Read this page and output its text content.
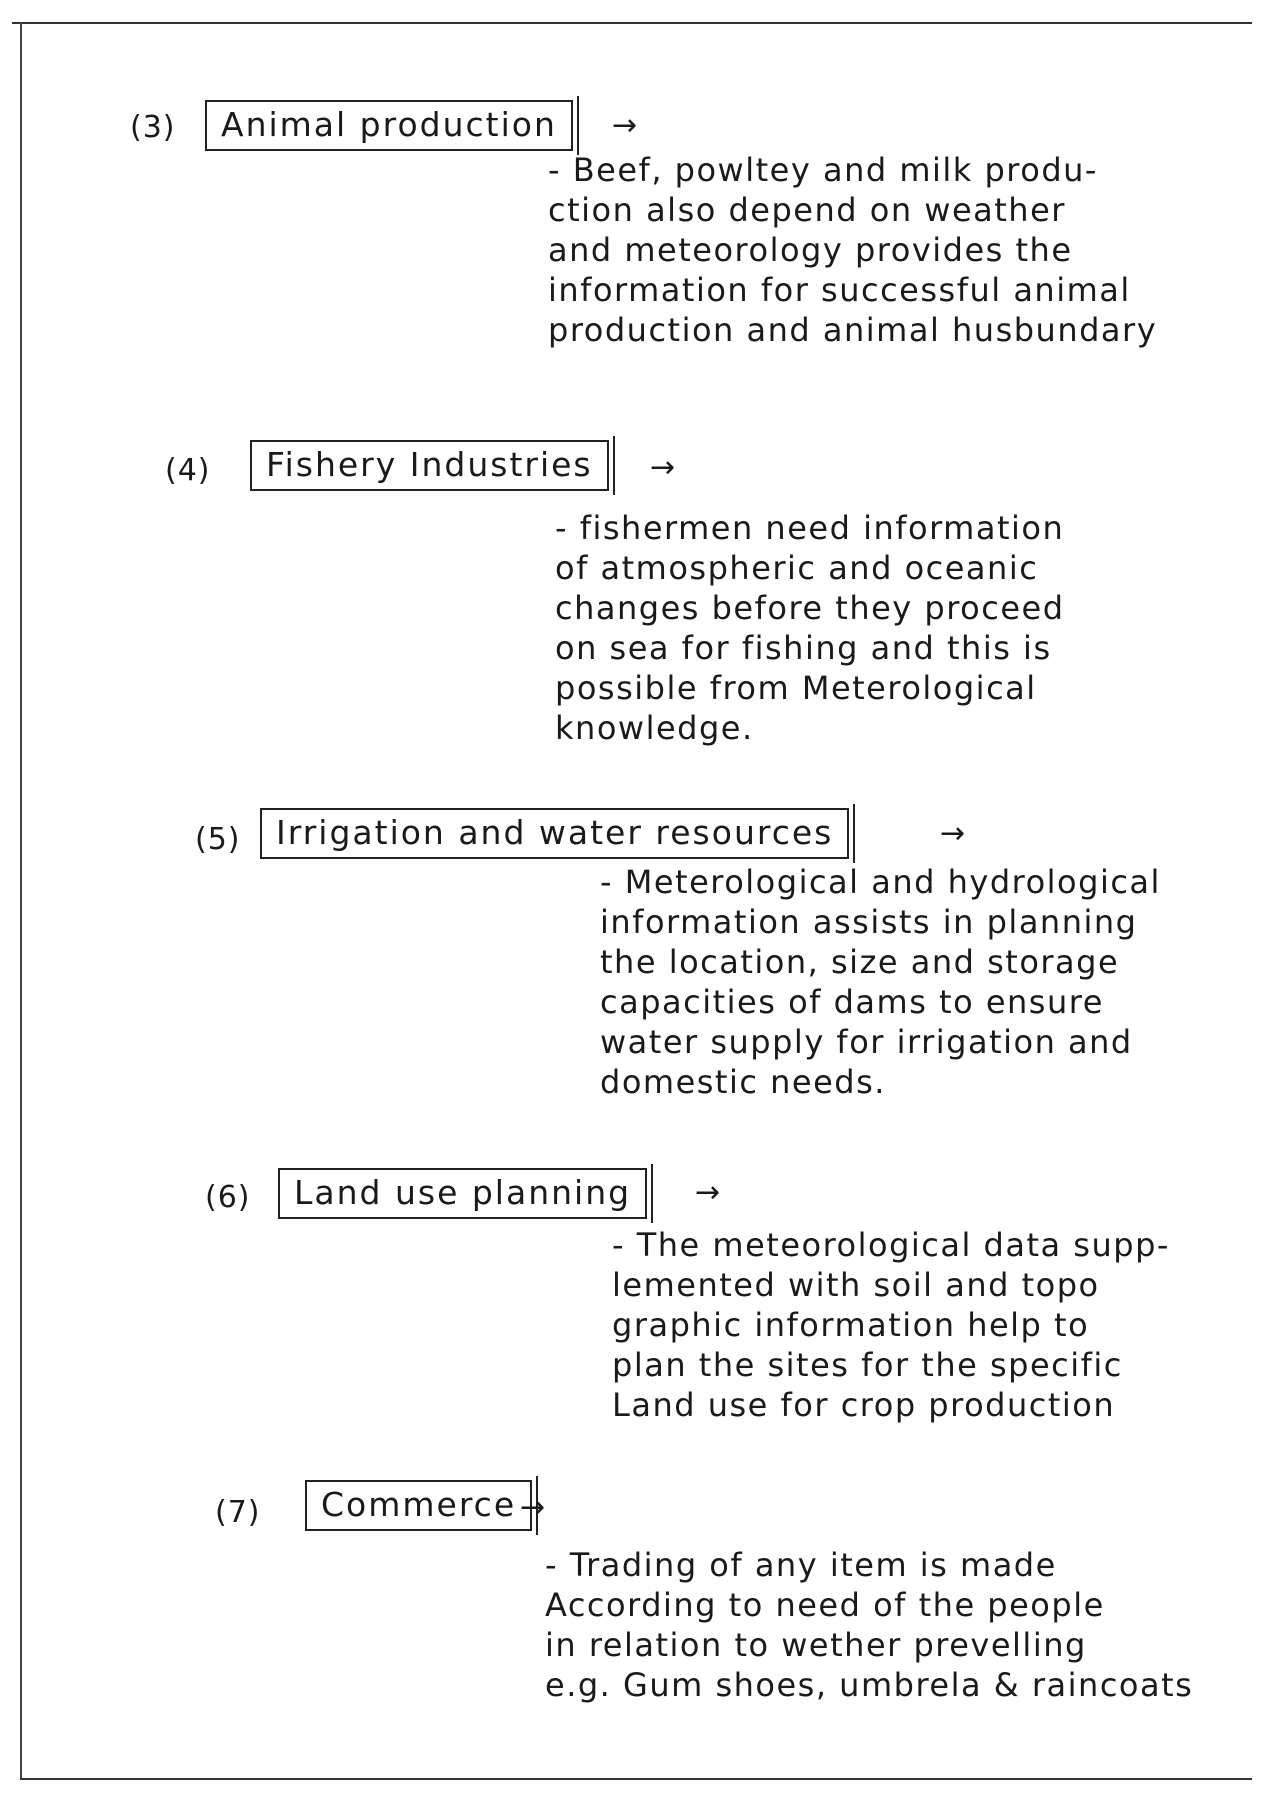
(3)	Animal production	→
- Beef, powltey and milk produ-
ction also depend on weather
and meteorology provides the
information for successful animal
production and animal husbundary
(4)	Fishery Industries	→
- fishermen need information
of atmospheric and oceanic
changes before they proceed
on sea for fishing and this is
possible from Meterological
knowledge.
(5)	Irrigation and water resources	→
- Meterological and hydrological
information assists in planning
the location, size and storage
capacities of dams to ensure
water supply for irrigation and
domestic needs.
(6)	Land use planning	→
- The meteorological data supp-
lemented with soil and topo
graphic information help to
plan the sites for the specific
Land use for crop production
(7)	Commerce →
- Trading of any item is made
According to need of the people
in relation to wether prevelling
e.g. Gum shoes, umbrela & raincoats
